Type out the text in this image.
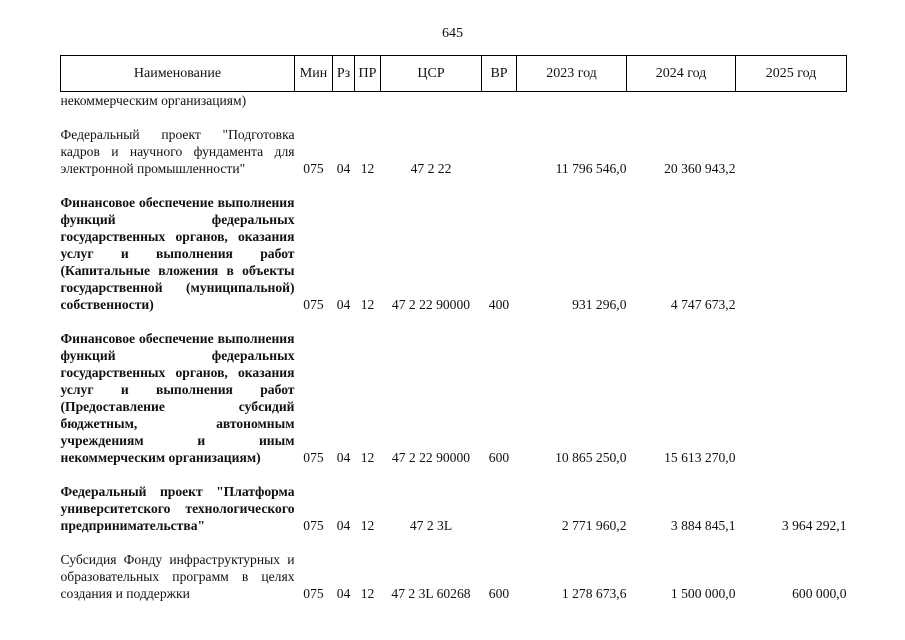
645
Наименование	Мин	Рз	ПР	ЦСР	ВР	2023 год	2024 год	2025 год
некоммерческим организациям)								

Федеральный проект "Подготовка кадров и научного фундамента для электронной промышленности"	075	04	12	47 2 22		11 796 546,0	20 360 943,2	

Финансовое обеспечение выполнения функций федеральных государственных органов, оказания услуг и выполнения работ (Капитальные вложения в объекты государственной (муниципальной) собственности)	075	04	12	47 2 22 90000	400	931 296,0	4 747 673,2	

Финансовое обеспечение выполнения функций федеральных государственных органов, оказания услуг и выполнения работ (Предоставление субсидий бюджетным, автономным учреждениям и иным некоммерческим организациям)	075	04	12	47 2 22 90000	600	10 865 250,0	15 613 270,0	

Федеральный проект "Платформа университетского технологического предпринимательства"	075	04	12	47 2 3L		2 771 960,2	3 884 845,1	3 964 292,1

Субсидия Фонду инфраструктурных и образовательных программ в целях создания и поддержки	075	04	12	47 2 3L 60268	600	1 278 673,6	1 500 000,0	600 000,0
